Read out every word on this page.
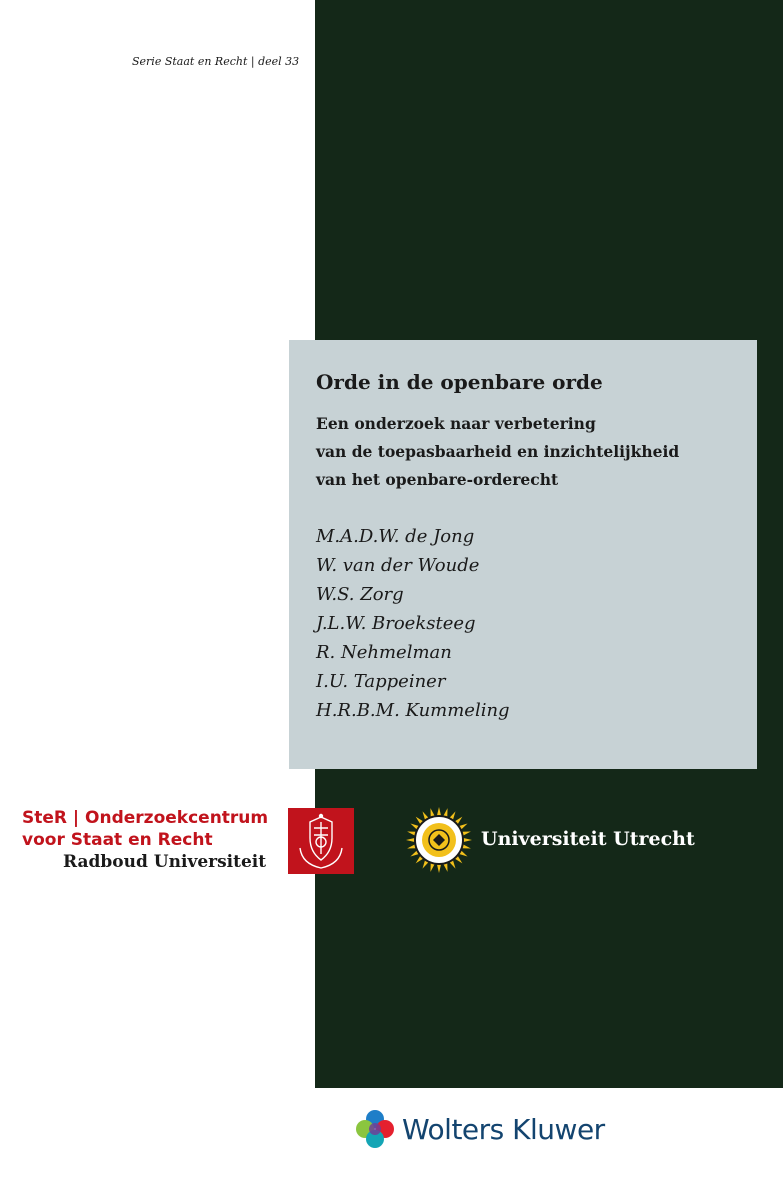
Serie Staat en Recht | deel 33
Orde in de openbare orde
Een onderzoek naar verbetering
van de toepasbaarheid en inzichtelijkheid
van het openbare-orderecht
M.A.D.W. de Jong
W. van der Woude
W.S. Zorg
J.L.W. Broeksteeg
R. Nehmelman
I.U. Tappeiner
H.R.B.M. Kummeling
SteR | Onderzoekcentrum
voor Staat en Recht
Radboud Universiteit
Universiteit Utrecht
Wolters Kluwer
